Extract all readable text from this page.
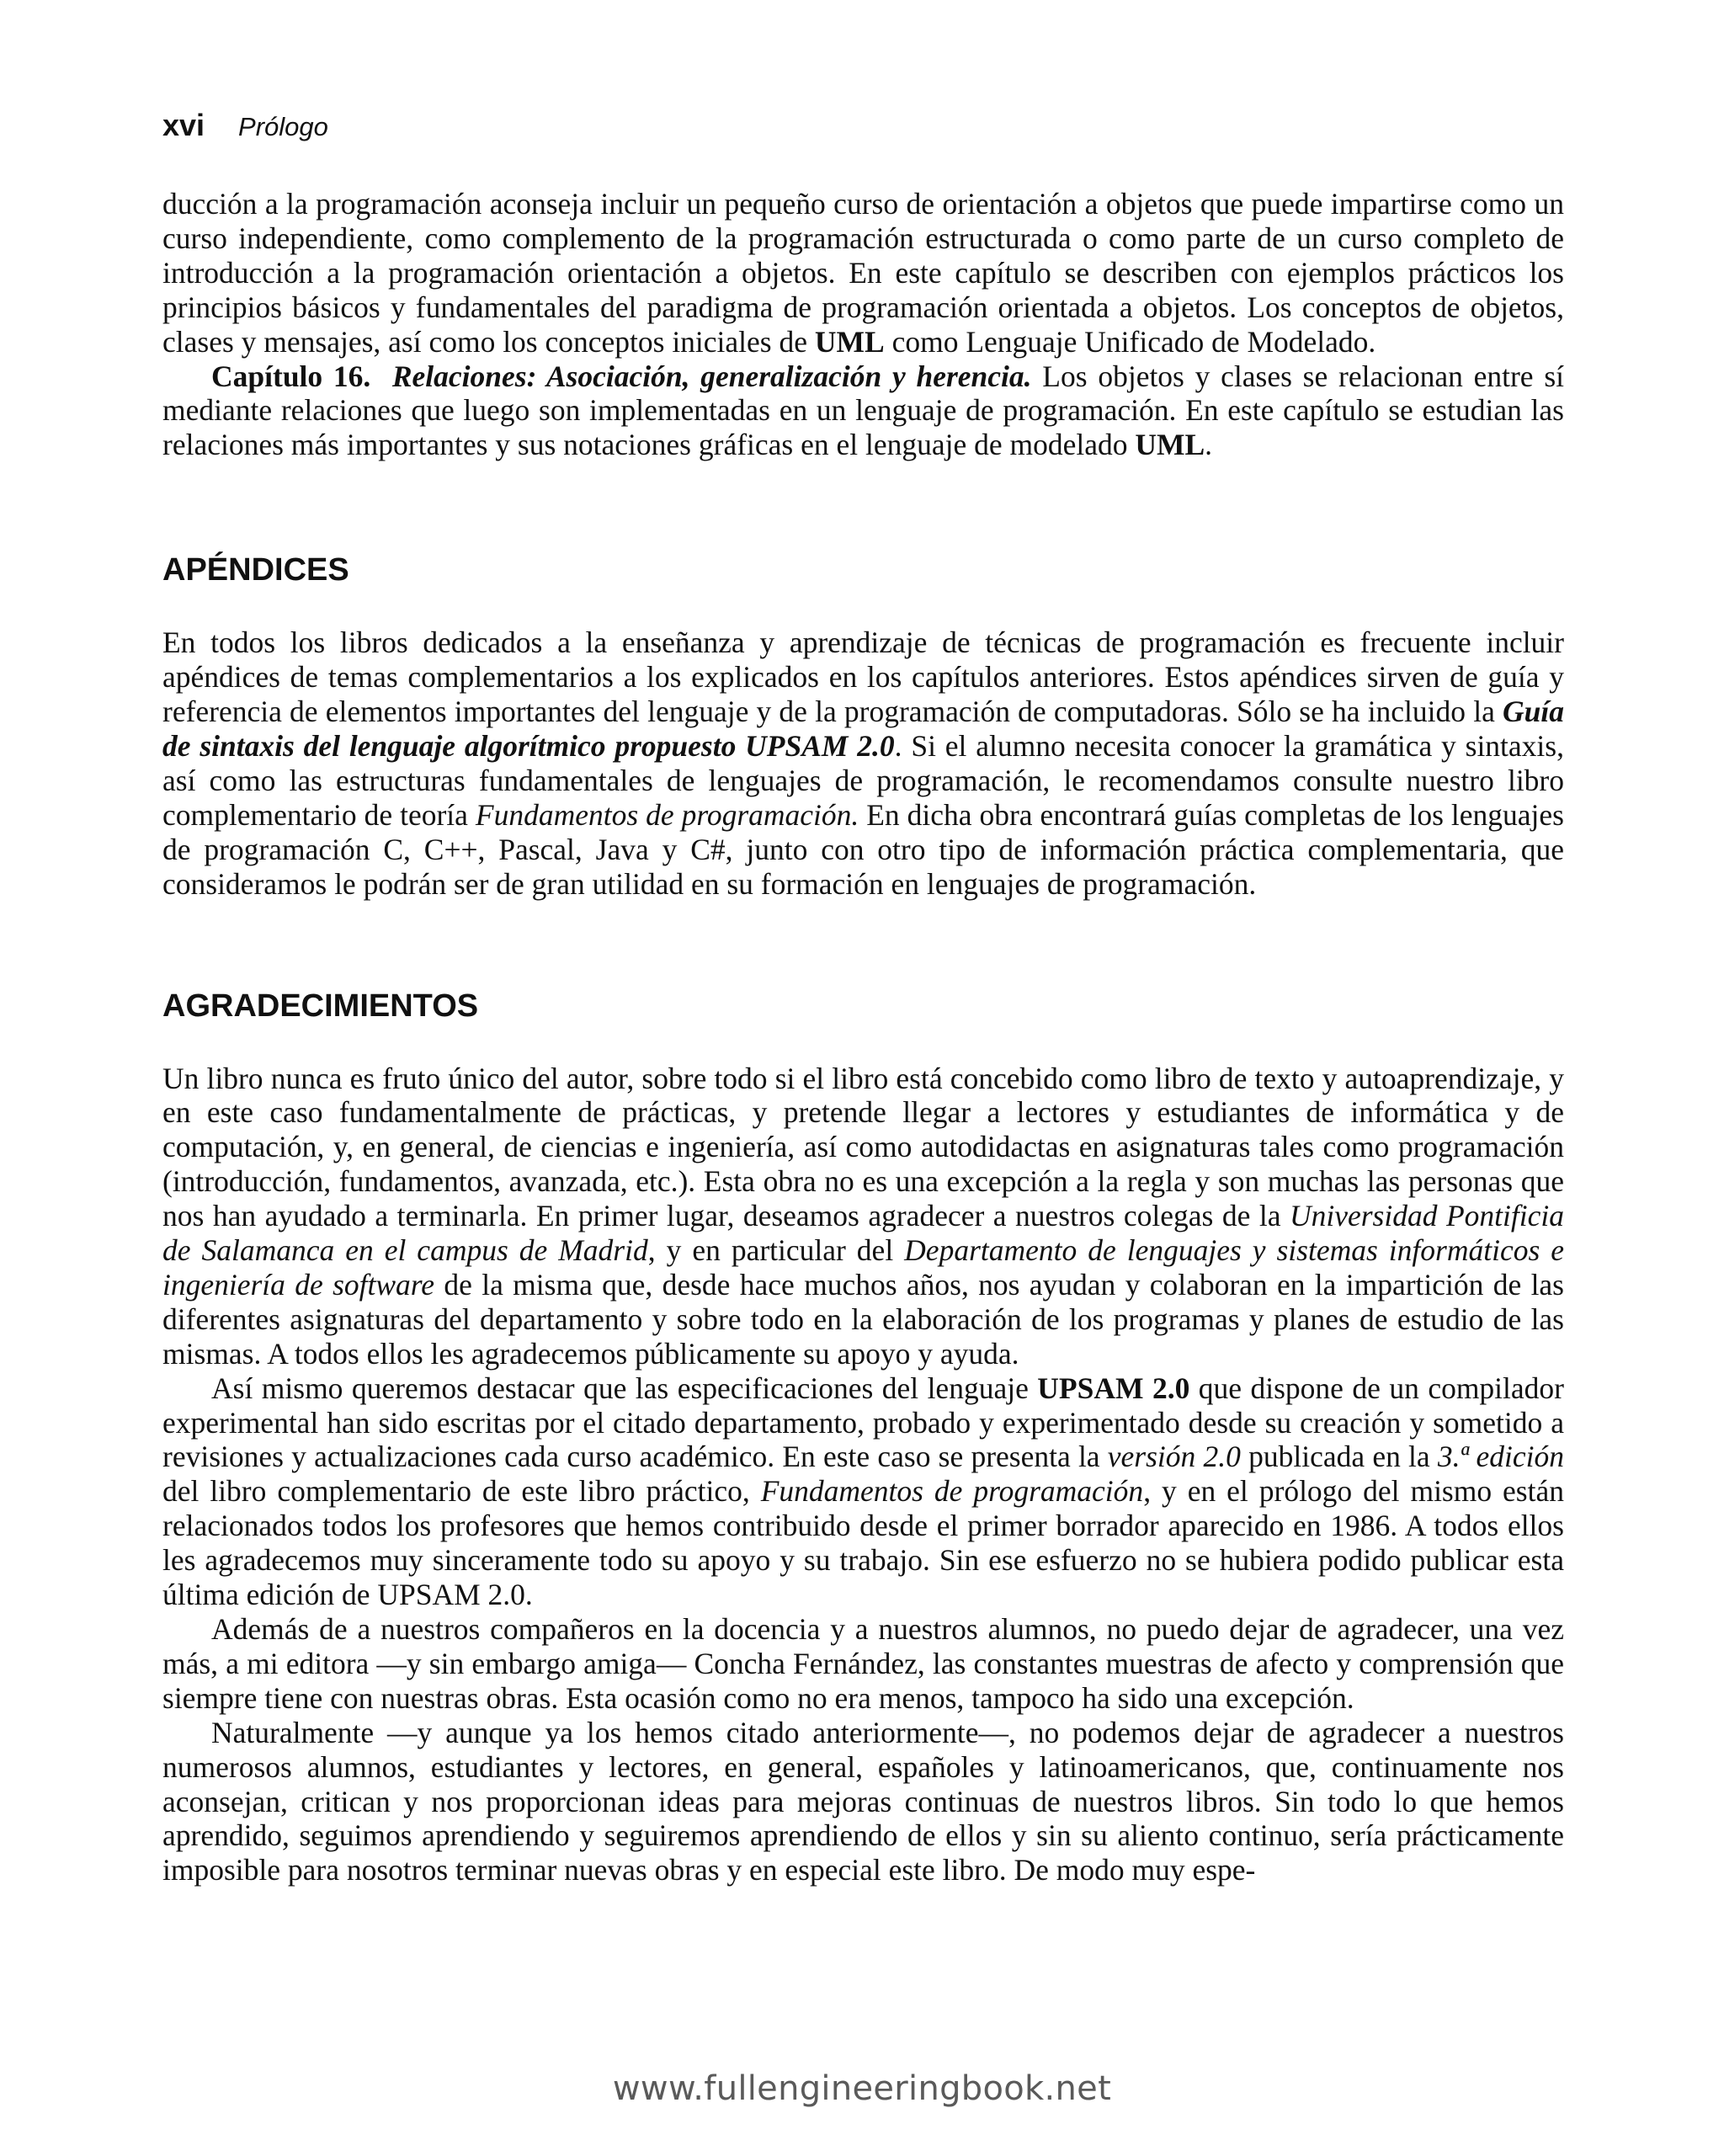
xvi Prólogo

ducción a la programación aconseja incluir un pequeño curso de orientación a objetos que puede impartirse como un curso independiente, como complemento de la programación estructurada o como parte de un curso completo de introducción a la programación orientación a objetos. En este capítulo se describen con ejemplos prácticos los principios básicos y fundamentales del paradigma de programación orientada a objetos. Los conceptos de objetos, clases y mensajes, así como los conceptos iniciales de UML como Lenguaje Unificado de Modelado.

Capítulo 16. Relaciones: Asociación, generalización y herencia. Los objetos y clases se relacionan entre sí mediante relaciones que luego son implementadas en un lenguaje de programación. En este capítulo se estudian las relaciones más importantes y sus notaciones gráficas en el lenguaje de modelado UML.

APÉNDICES

En todos los libros dedicados a la enseñanza y aprendizaje de técnicas de programación es frecuente incluir apéndices de temas complementarios a los explicados en los capítulos anteriores. Estos apéndices sirven de guía y referencia de elementos importantes del lenguaje y de la programación de computadoras. Sólo se ha incluido la Guía de sintaxis del lenguaje algorítmico propuesto UPSAM 2.0. Si el alumno necesita conocer la gramática y sintaxis, así como las estructuras fundamentales de lenguajes de programación, le recomendamos consulte nuestro libro complementario de teoría Fundamentos de programación. En dicha obra encontrará guías completas de los lenguajes de programación C, C++, Pascal, Java y C#, junto con otro tipo de información práctica complementaria, que consideramos le podrán ser de gran utilidad en su formación en lenguajes de programación.

AGRADECIMIENTOS

Un libro nunca es fruto único del autor, sobre todo si el libro está concebido como libro de texto y autoaprendizaje, y en este caso fundamentalmente de prácticas, y pretende llegar a lectores y estudiantes de informática y de computación, y, en general, de ciencias e ingeniería, así como autodidactas en asignaturas tales como programación (introducción, fundamentos, avanzada, etc.). Esta obra no es una excepción a la regla y son muchas las personas que nos han ayudado a terminarla. En primer lugar, deseamos agradecer a nuestros colegas de la Universidad Pontificia de Salamanca en el campus de Madrid, y en particular del Departamento de lenguajes y sistemas informáticos e ingeniería de software de la misma que, desde hace muchos años, nos ayudan y colaboran en la impartición de las diferentes asignaturas del departamento y sobre todo en la elaboración de los programas y planes de estudio de las mismas. A todos ellos les agradecemos públicamente su apoyo y ayuda.

Así mismo queremos destacar que las especificaciones del lenguaje UPSAM 2.0 que dispone de un compilador experimental han sido escritas por el citado departamento, probado y experimentado desde su creación y sometido a revisiones y actualizaciones cada curso académico. En este caso se presenta la versión 2.0 publicada en la 3.ª edición del libro complementario de este libro práctico, Fundamentos de programación, y en el prólogo del mismo están relacionados todos los profesores que hemos contribuido desde el primer borrador aparecido en 1986. A todos ellos les agradecemos muy sinceramente todo su apoyo y su trabajo. Sin ese esfuerzo no se hubiera podido publicar esta última edición de UPSAM 2.0.

Además de a nuestros compañeros en la docencia y a nuestros alumnos, no puedo dejar de agradecer, una vez más, a mi editora —y sin embargo amiga— Concha Fernández, las constantes muestras de afecto y comprensión que siempre tiene con nuestras obras. Esta ocasión como no era menos, tampoco ha sido una excepción.

Naturalmente —y aunque ya los hemos citado anteriormente—, no podemos dejar de agradecer a nuestros numerosos alumnos, estudiantes y lectores, en general, españoles y latinoamericanos, que, continuamente nos aconsejan, critican y nos proporcionan ideas para mejoras continuas de nuestros libros. Sin todo lo que hemos aprendido, seguimos aprendiendo y seguiremos aprendiendo de ellos y sin su aliento continuo, sería prácticamente imposible para nosotros terminar nuevas obras y en especial este libro. De modo muy espe-

www.fullengineeringbook.net
